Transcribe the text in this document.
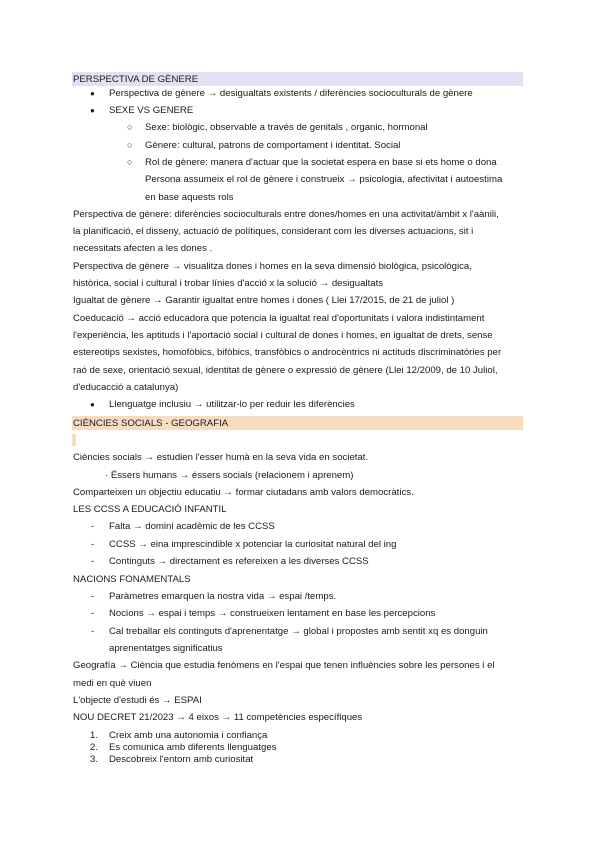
PERSPECTIVA DE GÈNERE
● Perspectiva de gènere → desigualtats existents / diferències socioculturals de gènere
● SEXE VS GENERE
○ Sexe: biològic, observable a través de genitals , organic, hormonal
○ Gènere: cultural, patrons de comportament i identitat. Social
○ Rol de gènere: manera d'actuar que la societat espera en base si ets home o dona
Persona assumeix el rol de gènere i construeix → psicologia, afectivitat i autoestima
en base aquests rols
Perspectiva de gènere: diferències socioculturals entre dones/homes en una activitat/àmbit x l'aànili,
la planificació, el disseny, actuació de polítiques, considerant com les diverses actuacions, sit i
necessitats afecten a les dones .
Perspectiva de gènere → visualitza dones i homes en la seva dimensió biològica, psicològica,
històrica, social i cultural i trobar línies d'acció x la solució → desigualtats
Igualtat de gènere → Garantir igualtat entre homes i dones ( Llei 17/2015, de 21 de juliol )
Coeducació → acció educadora que potencia la igualtat real d'oportunitats i valora indistintament
l'experiència, les aptituds i l'aportació social i cultural de dones i homes, en igualtat de drets, sense
estereotips sexistes, homofòbics, bifòbics, transfòbics o androcèntrics ni actituds discriminatòries per
raó de sexe, orientació sexual, identitat de gènere o expressió de gènere (Llei 12/2009, de 10 Juliol,
d'educacció a catalunya)
● Llenguatge inclusiu → utilitzar-lo per reduir les diferències
CIÈNCIES SOCIALS - GEOGRAFIA
Ciències socials → estudien l'esser humà en la seva vida en societat.
· Éssers humans → éssers socials (relacionem i aprenem)
Comparteixen un objectiu educatiu → formar ciutadans amb valors democràtics.
LES CCSS A EDUCACIÓ INFANTIL
- Falta → domini acadèmic de les CCSS
- CCSS → eina imprescindible x potenciar la curiositat natural del ing
- Continguts → directament es refereixen a les diverses CCSS
NACIONS FONAMENTALS
- Paràmetres emarquen la nostra vida → espai /temps.
- Nocions → espai i temps → construeixen lentament en base les percepcions
- Cal treballar els continguts d'aprenentatge → global i propostes amb sentit xq es donguin
aprenentatges significatius
Geografía → Ciència que estudia fenòmens en l'espai que tenen influències sobre les persones i el
medi en què viuen
L'objecte d'estudi és → ESPAI
NOU DECRET 21/2023 → 4 eixos → 11 competències específiques
1. Creix amb una autonomia i confiança
2. Es comunica amb diferents llenguatges
3. Descobreix l'entorn amb curiositat
